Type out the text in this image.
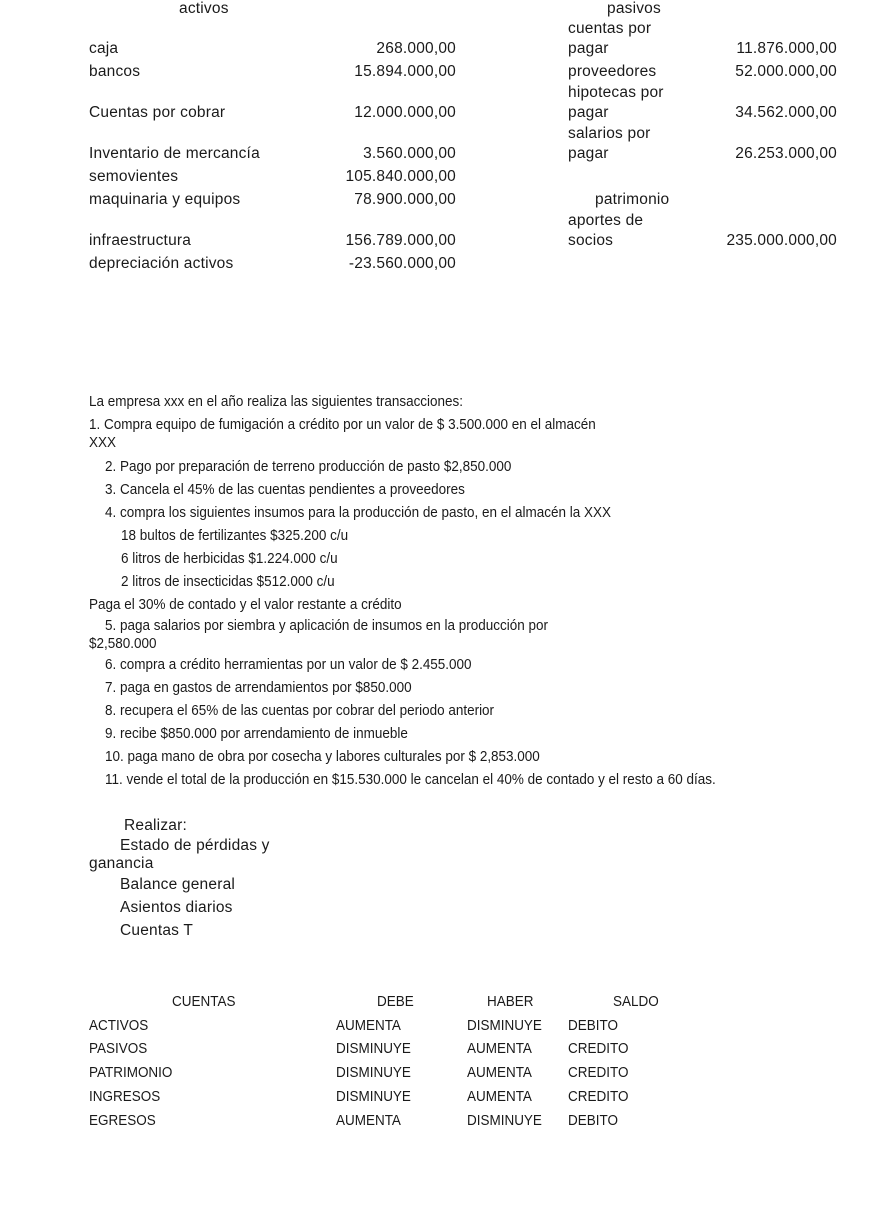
activos
caja	268.000,00
bancos	15.894.000,00
Cuentas por cobrar	12.000.000,00
Inventario de mercancía	3.560.000,00
semovientes	105.840.000,00
maquinaria y equipos	78.900.000,00
infraestructura	156.789.000,00
depreciación activos	-23.560.000,00
pasivos
cuentas por
pagar	11.876.000,00
proveedores	52.000.000,00
hipotecas por
pagar	34.562.000,00
salarios por
pagar	26.253.000,00
patrimonio
aportes de
socios	235.000.000,00
La empresa xxx en el año realiza las siguientes transacciones:
1. Compra equipo de fumigación a crédito por un valor de $ 3.500.000 en el almacén
XXX
2. Pago por preparación de terreno producción de pasto $2,850.000
3. Cancela el 45% de las cuentas pendientes a proveedores
4. compra los siguientes insumos para la producción de pasto, en el almacén la XXX
18 bultos de fertilizantes $325.200 c/u
6 litros de herbicidas $1.224.000 c/u
2 litros de insecticidas $512.000 c/u
Paga el 30% de contado y el valor restante a crédito
5. paga salarios por siembra y aplicación de insumos en la producción por
$2,580.000
6. compra a crédito herramientas por un valor de $ 2.455.000
7. paga en gastos de arrendamientos por $850.000
8. recupera el 65% de las cuentas por cobrar del periodo anterior
9. recibe $850.000 por arrendamiento de inmueble
10. paga mano de obra por cosecha y labores culturales por $ 2,853.000
11. vende el total de la producción en $15.530.000 le cancelan el 40% de contado y el resto a 60 días.
Realizar:
Estado de pérdidas y
ganancia
Balance general
Asientos diarios
Cuentas T
CUENTAS	DEBE	HABER	SALDO
ACTIVOS	AUMENTA	DISMINUYE DEBITO
PASIVOS	DISMINUYE	AUMENTA CREDITO
PATRIMONIO	DISMINUYE	AUMENTA CREDITO
INGRESOS	DISMINUYE	AUMENTA CREDITO
EGRESOS	AUMENTA	DISMINUYE DEBITO
